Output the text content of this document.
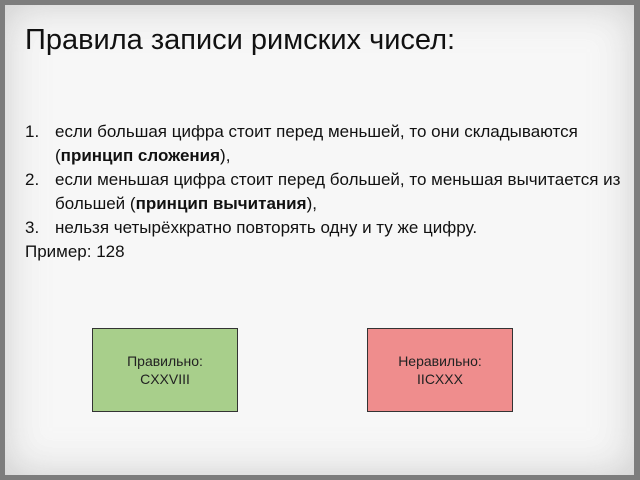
Правила записи римских чисел:
1. если большая цифра стоит перед меньшей, то они складываются (принцип сложения),
2. если меньшая цифра стоит перед большей, то меньшая вычитается из большей (принцип вычитания),
3. нельзя четырёхкратно повторять одну и ту же цифру.
Пример: 128
Правильно:
CXXVIII
Неравильно:
IICXXX
